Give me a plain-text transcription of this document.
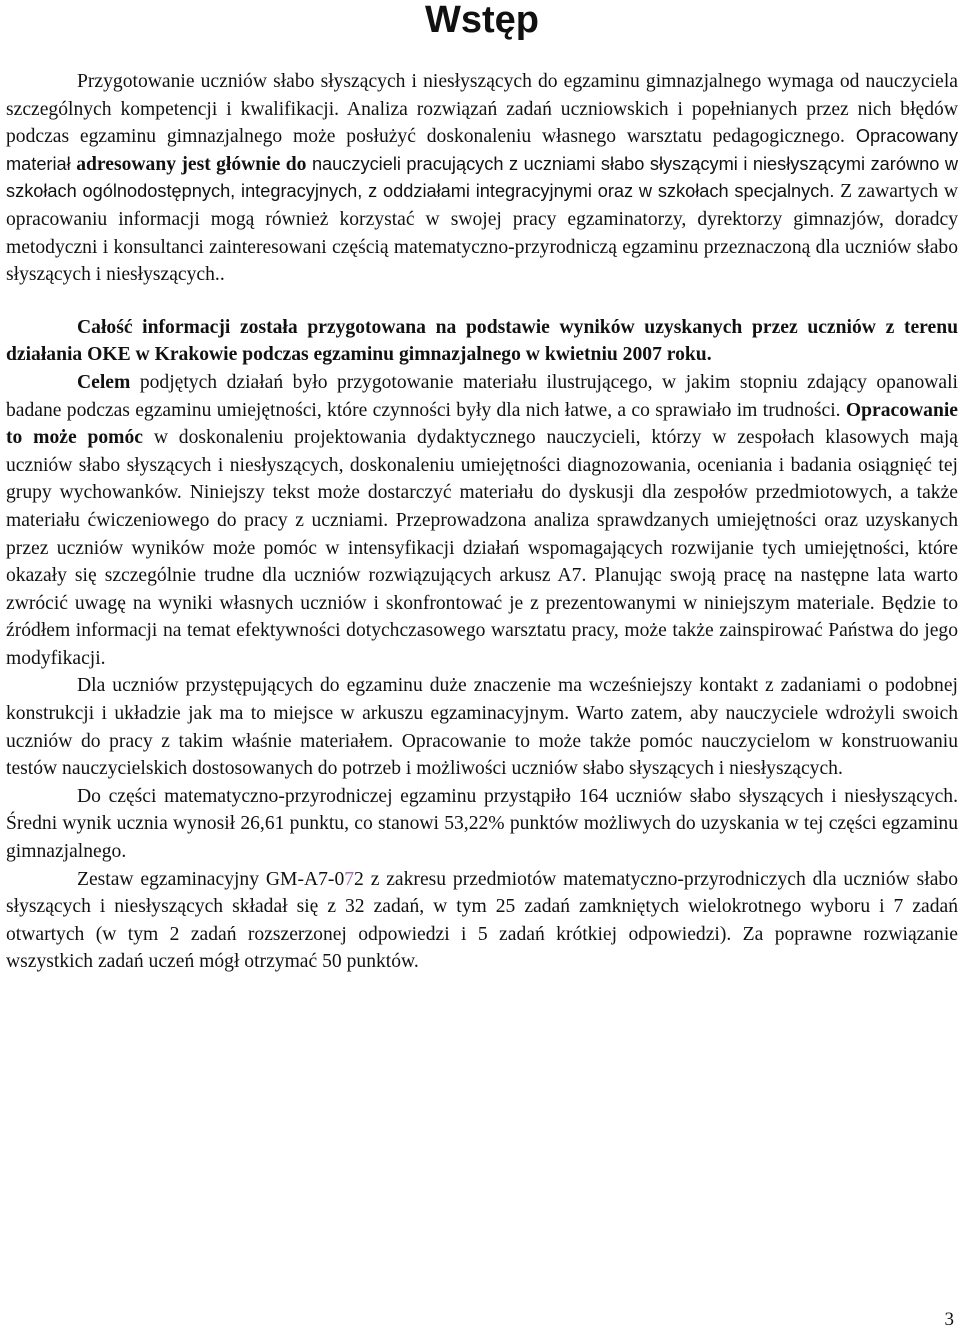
Wstęp

Przygotowanie uczniów słabo słyszących i niesłyszących do egzaminu gimnazjalnego wymaga od nauczyciela szczególnych kompetencji i kwalifikacji. Analiza rozwiązań zadań uczniowskich i popełnianych przez nich błędów podczas egzaminu gimnazjalnego może posłużyć doskonaleniu własnego warsztatu pedagogicznego. Opracowany materiał adresowany jest głównie do nauczycieli pracujących z uczniami słabo słyszącymi i niesłyszącymi zarówno w szkołach ogólnodostępnych, integracyjnych, z oddziałami integracyjnymi oraz w szkołach specjalnych. Z zawartych w opracowaniu informacji mogą również korzystać w swojej pracy egzaminatorzy, dyrektorzy gimnazjów, doradcy metodyczni i konsultanci zainteresowani częścią matematyczno-przyrodniczą egzaminu przeznaczoną dla uczniów słabo słyszących i niesłyszących..

Całość informacji została przygotowana na podstawie wyników uzyskanych przez uczniów z terenu działania OKE w Krakowie podczas egzaminu gimnazjalnego w kwietniu 2007 roku.

Celem podjętych działań było przygotowanie materiału ilustrującego, w jakim stopniu zdający opanowali badane podczas egzaminu umiejętności, które czynności były dla nich łatwe, a co sprawiało im trudności. Opracowanie to może pomóc w doskonaleniu projektowania dydaktycznego nauczycieli, którzy w zespołach klasowych mają uczniów słabo słyszących i niesłyszących, doskonaleniu umiejętności diagnozowania, oceniania i badania osiągnięć tej grupy wychowanków. Niniejszy tekst może dostarczyć materiału do dyskusji dla zespołów przedmiotowych, a także materiału ćwiczeniowego do pracy z uczniami. Przeprowadzona analiza sprawdzanych umiejętności oraz uzyskanych przez uczniów wyników może pomóc w intensyfikacji działań wspomagających rozwijanie tych umiejętności, które okazały się szczególnie trudne dla uczniów rozwiązujących arkusz A7. Planując swoją pracę na następne lata warto zwrócić uwagę na wyniki własnych uczniów i skonfrontować je z prezentowanymi w niniejszym materiale. Będzie to źródłem informacji na temat efektywności dotychczasowego warsztatu pracy, może także zainspirować Państwa do jego modyfikacji.

Dla uczniów przystępujących do egzaminu duże znaczenie ma wcześniejszy kontakt z zadaniami o podobnej konstrukcji i układzie jak ma to miejsce w arkuszu egzaminacyjnym. Warto zatem, aby nauczyciele wdrożyli swoich uczniów do pracy z takim właśnie materiałem. Opracowanie to może także pomóc nauczycielom w konstruowaniu testów nauczycielskich dostosowanych do potrzeb i możliwości uczniów słabo słyszących i niesłyszących.

Do części matematyczno-przyrodniczej egzaminu przystąpiło 164 uczniów słabo słyszących i niesłyszących. Średni wynik ucznia wynosił 26,61 punktu, co stanowi 53,22% punktów możliwych do uzyskania w tej części egzaminu gimnazjalnego.

Zestaw egzaminacyjny GM-A7-072 z zakresu przedmiotów matematyczno-przyrodniczych dla uczniów słabo słyszących i niesłyszących składał się z 32 zadań, w tym 25 zadań zamkniętych wielokrotnego wyboru i 7 zadań otwartych (w tym 2 zadań rozszerzonej odpowiedzi i 5 zadań krótkiej odpowiedzi). Za poprawne rozwiązanie wszystkich zadań uczeń mógł otrzymać 50 punktów.

3
